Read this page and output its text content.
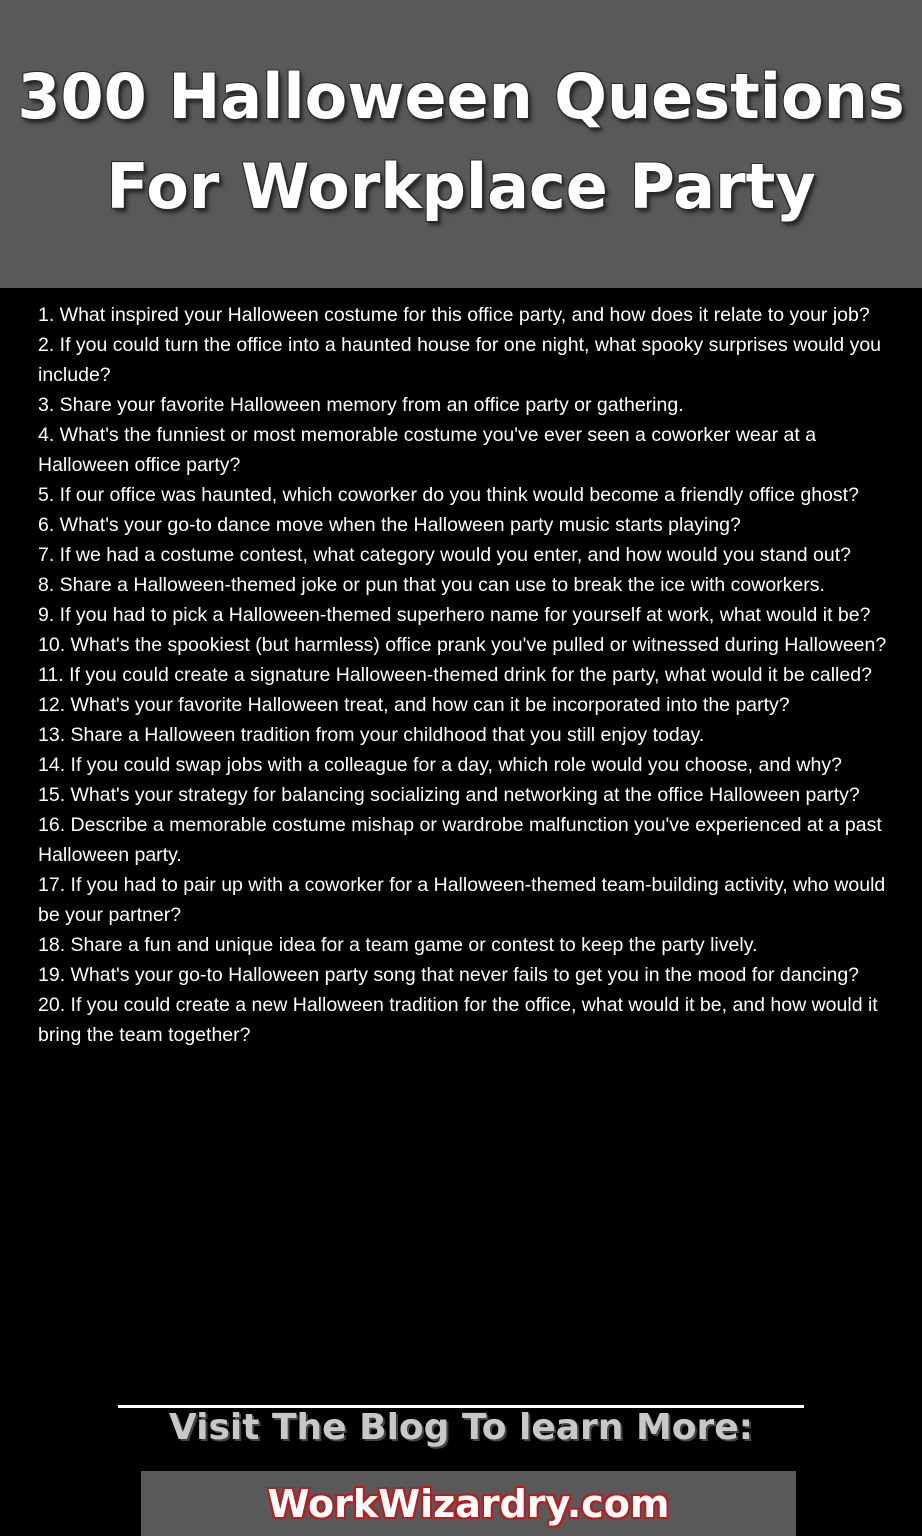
300 Halloween Questions
For Workplace Party
1. What inspired your Halloween costume for this office party, and how does it relate to your job?
2. If you could turn the office into a haunted house for one night, what spooky surprises would you include?
3. Share your favorite Halloween memory from an office party or gathering.
4. What's the funniest or most memorable costume you've ever seen a coworker wear at a Halloween office party?
5. If our office was haunted, which coworker do you think would become a friendly office ghost?
6. What's your go-to dance move when the Halloween party music starts playing?
7. If we had a costume contest, what category would you enter, and how would you stand out?
8. Share a Halloween-themed joke or pun that you can use to break the ice with coworkers.
9. If you had to pick a Halloween-themed superhero name for yourself at work, what would it be?
10. What's the spookiest (but harmless) office prank you've pulled or witnessed during Halloween?
11. If you could create a signature Halloween-themed drink for the party, what would it be called?
12. What's your favorite Halloween treat, and how can it be incorporated into the party?
13. Share a Halloween tradition from your childhood that you still enjoy today.
14. If you could swap jobs with a colleague for a day, which role would you choose, and why?
15. What's your strategy for balancing socializing and networking at the office Halloween party?
16. Describe a memorable costume mishap or wardrobe malfunction you've experienced at a past Halloween party.
17. If you had to pair up with a coworker for a Halloween-themed team-building activity, who would be your partner?
18. Share a fun and unique idea for a team game or contest to keep the party lively.
19. What's your go-to Halloween party song that never fails to get you in the mood for dancing?
20. If you could create a new Halloween tradition for the office, what would it be, and how would it bring the team together?
Visit The Blog To learn More:
WorkWizardry.com
